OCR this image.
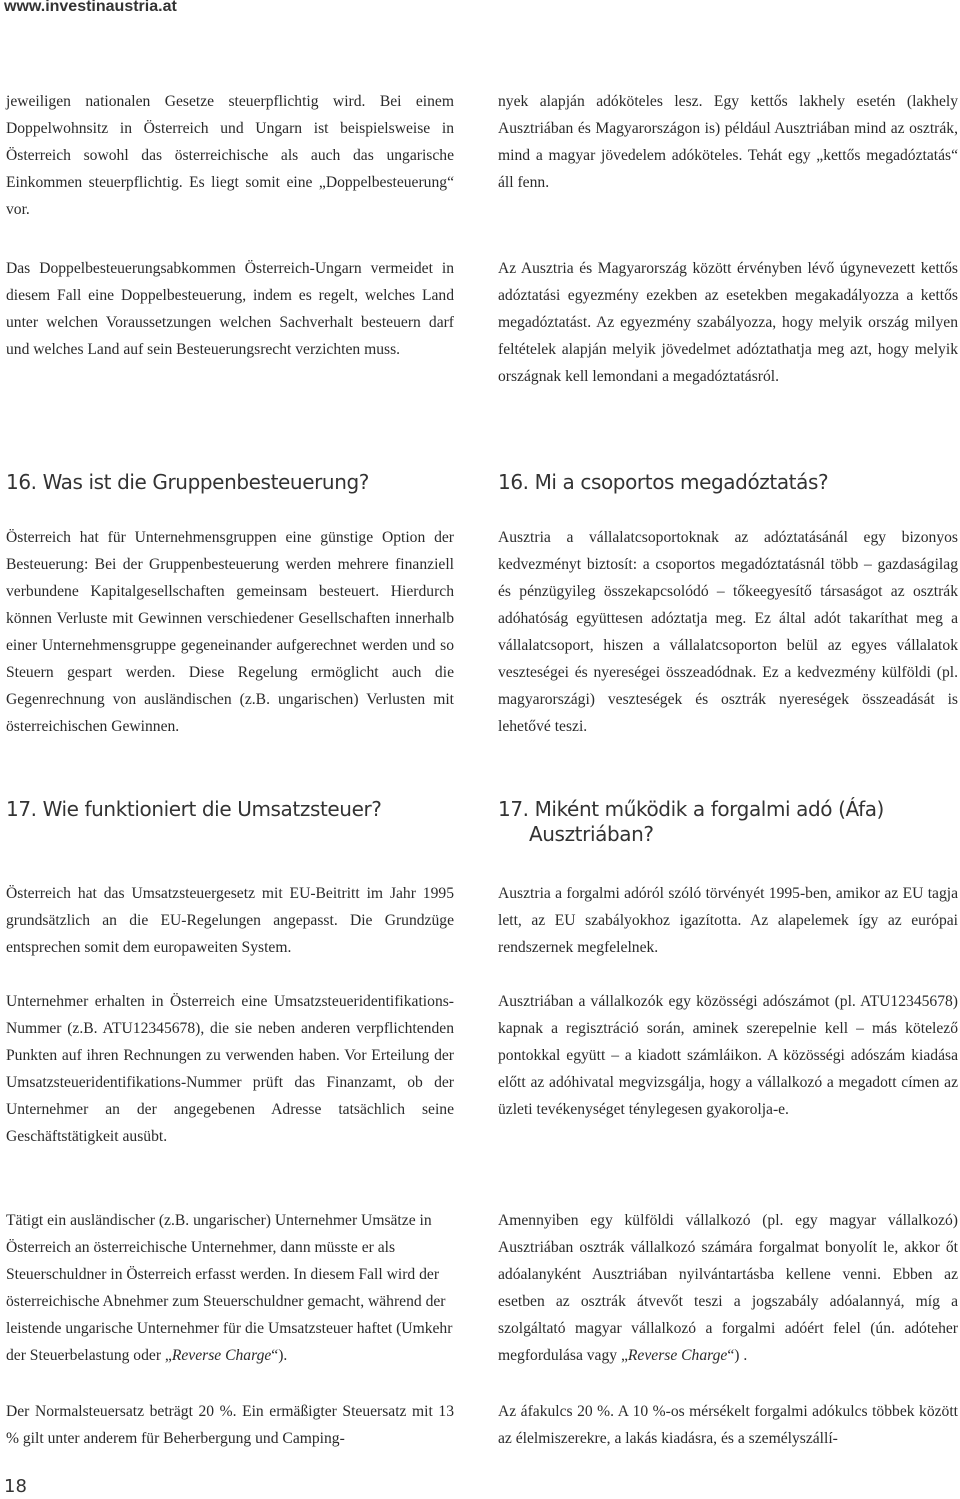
www.investinaustria.at

jeweiligen nationalen Gesetze steuerpflichtig wird. Bei einem Doppelwohnsitz in Österreich und Ungarn ist beispielsweise in Österreich sowohl das österreichische als auch das ungarische Einkommen steuerpflichtig. Es liegt somit eine „Doppelbesteuerung“ vor.

Das Doppelbesteuerungsabkommen Österreich-Ungarn vermeidet in diesem Fall eine Doppelbesteuerung, indem es regelt, welches Land unter welchen Voraussetzungen welchen Sachverhalt besteuern darf und welches Land auf sein Besteuerungsrecht verzichten muss.

16. Was ist die Gruppenbesteuerung?

Österreich hat für Unternehmensgruppen eine günstige Option der Besteuerung: Bei der Gruppenbesteuerung werden mehrere finanziell verbundene Kapitalgesellschaften gemeinsam besteuert. Hierdurch können Verluste mit Gewinnen verschiedener Gesellschaften innerhalb einer Unternehmensgruppe gegeneinander aufgerechnet werden und so Steuern gespart werden. Diese Regelung ermöglicht auch die Gegenrechnung von ausländischen (z.B. ungarischen) Verlusten mit österreichischen Gewinnen.

17. Wie funktioniert die Umsatzsteuer?

Österreich hat das Umsatzsteuergesetz mit EU-Beitritt im Jahr 1995 grundsätzlich an die EU-Regelungen angepasst. Die Grundzüge entsprechen somit dem europaweiten System.

Unternehmer erhalten in Österreich eine Umsatzsteueridentifikations-Nummer (z.B. ATU12345678), die sie neben anderen verpflichtenden Punkten auf ihren Rechnungen zu verwenden haben. Vor Erteilung der Umsatzsteueridentifikations-Nummer prüft das Finanzamt, ob der Unternehmer an der angegebenen Adresse tatsächlich seine Geschäftstätigkeit ausübt.

Tätigt ein ausländischer (z.B. ungarischer) Unternehmer Umsätze in Österreich an österreichische Unternehmer, dann müsste er als Steuerschuldner in Österreich erfasst werden. In diesem Fall wird der österreichische Abnehmer zum Steuerschuldner gemacht, während der leistende ungarische Unternehmer für die Umsatzsteuer haftet (Umkehr der Steuerbelastung oder „Reverse Charge“).

Der Normalsteuersatz beträgt 20 %. Ein ermäßigter Steuersatz mit 13 % gilt unter anderem für Beherbergung und Camping-

nyek alapján adóköteles lesz. Egy kettős lakhely esetén (lakhely Ausztriában és Magyarországon is) például Ausztriában mind az osztrák, mind a magyar jövedelem adóköteles. Tehát egy „kettős megadóztatás“ áll fenn.

Az Ausztria és Magyarország között érvényben lévő úgynevezett kettős adóztatási egyezmény ezekben az esetekben megakadályozza a kettős megadóztatást. Az egyezmény szabályozza, hogy melyik ország milyen feltételek alapján melyik jövedelmet adóztathatja meg azt, hogy melyik országnak kell lemondani a megadóztatásról.

16. Mi a csoportos megadóztatás?

Ausztria a vállalatcsoportoknak az adóztatásánál egy bizonyos kedvezményt biztosít: a csoportos megadóztatásnál több – gazdaságilag és pénzügyileg összekapcsolódó – tőkeegyesítő társaságot az osztrák adóhatóság együttesen adóztatja meg. Ez által adót takaríthat meg a vállalatcsoport, hiszen a vállalatcsoporton belül az egyes vállalatok veszteségei és nyereségei összeadódnak. Ez a kedvezmény külföldi (pl. magyarországi) veszteségek és osztrák nyereségek összeadását is lehetővé teszi.

17. Miként működik a forgalmi adó (Áfa)
Ausztriában?

Ausztria a forgalmi adóról szóló törvényét 1995-ben, amikor az EU tagja lett, az EU szabályokhoz igazította. Az alapelemek így az európai rendszernek megfelelnek.

Ausztriában a vállalkozók egy közösségi adószámot (pl. ATU12345678) kapnak a regisztráció során, aminek szerepelnie kell – más kötelező pontokkal együtt – a kiadott számláikon. A közösségi adószám kiadása előtt az adóhivatal megvizsgálja, hogy a vállalkozó a megadott címen az üzleti tevékenységet ténylegesen gyakorolja-e.

Amennyiben egy külföldi vállalkozó (pl. egy magyar vállalkozó) Ausztriában osztrák vállalkozó számára forgalmat bonyolít le, akkor őt adóalanyként Ausztriában nyilvántartásba kellene venni. Ebben az esetben az osztrák átvevőt teszi a jogszabály adóalannyá, míg a szolgáltató magyar vállalkozó a forgalmi adóért felel (ún. adóteher megfordulása vagy „Reverse Charge“) .

Az áfakulcs 20 %. A 10 %-os mérsékelt forgalmi adókulcs többek között az élelmiszerekre, a lakás kiadásra, és a személyszállí-

18
